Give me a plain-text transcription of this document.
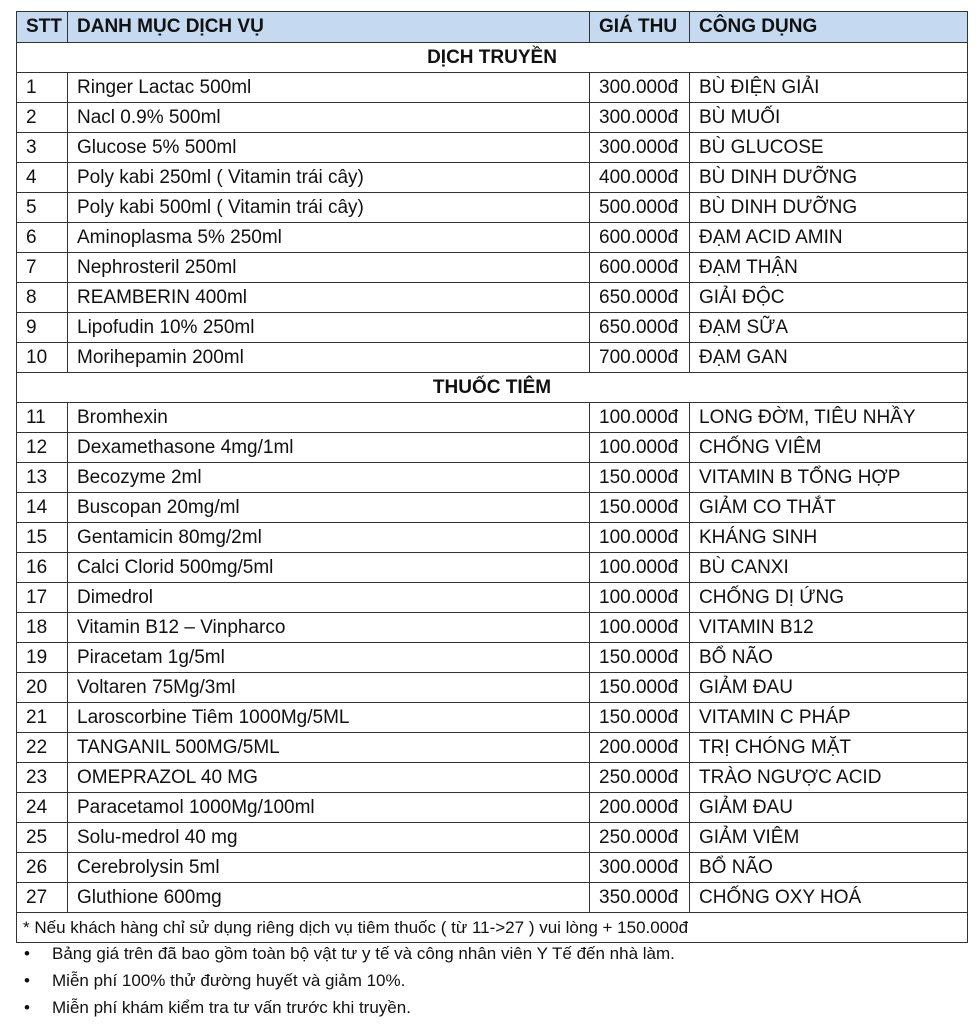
STT	DANH MỤC DỊCH VỤ	GIÁ THU	CÔNG DỤNG
DỊCH TRUYỀN			
1	Ringer Lactac 500ml	300.000đ	BÙ ĐIỆN GIẢI
2	Nacl 0.9% 500ml	300.000đ	BÙ MUỐI
3	Glucose 5% 500ml	300.000đ	BÙ GLUCOSE
4	Poly kabi 250ml ( Vitamin trái cây)	400.000đ	BÙ DINH DƯỠNG
5	Poly kabi 500ml ( Vitamin trái cây)	500.000đ	BÙ DINH DƯỠNG
6	Aminoplasma 5% 250ml	600.000đ	ĐẠM ACID AMIN
7	Nephrosteril 250ml	600.000đ	ĐẠM THẬN
8	REAMBERIN 400ml	650.000đ	GIẢI ĐỘC
9	Lipofudin 10% 250ml	650.000đ	ĐẠM SỮA
10	Morihepamin 200ml	700.000đ	ĐẠM GAN
THUỐC TIÊM			
11	Bromhexin	100.000đ	LONG ĐỜM, TIÊU NHẦY
12	Dexamethasone 4mg/1ml	100.000đ	CHỐNG VIÊM
13	Becozyme 2ml	150.000đ	VITAMIN B TỔNG HỢP
14	Buscopan 20mg/ml	150.000đ	GIẢM CO THẮT
15	Gentamicin 80mg/2ml	100.000đ	KHÁNG SINH
16	Calci Clorid 500mg/5ml	100.000đ	BÙ CANXI
17	Dimedrol	100.000đ	CHỐNG DỊ ỨNG
18	Vitamin B12 – Vinpharco	100.000đ	VITAMIN B12
19	Piracetam 1g/5ml	150.000đ	BỔ NÃO
20	Voltaren 75Mg/3ml	150.000đ	GIẢM ĐAU
21	Laroscorbine Tiêm 1000Mg/5ML	150.000đ	VITAMIN C PHÁP
22	TANGANIL 500MG/5ML	200.000đ	TRỊ CHÓNG MẶT
23	OMEPRAZOL 40 MG	250.000đ	TRÀO NGƯỢC ACID
24	Paracetamol 1000Mg/100ml	200.000đ	GIẢM ĐAU
25	Solu-medrol 40 mg	250.000đ	GIẢM VIÊM
26	Cerebrolysin 5ml	300.000đ	BỔ NÃO
27	Gluthione 600mg	350.000đ	CHỐNG OXY HOÁ
* Nếu khách hàng chỉ sử dụng riêng dịch vụ tiêm thuốc ( từ 11->27 ) vui lòng + 150.000đ			
• Bảng giá trên đã bao gồm toàn bộ vật tư y tế và công nhân viên Y Tế đến nhà làm.
• Miễn phí 100% thử đường huyết và giảm 10%.
• Miễn phí khám kiểm tra tư vấn trước khi truyền.
